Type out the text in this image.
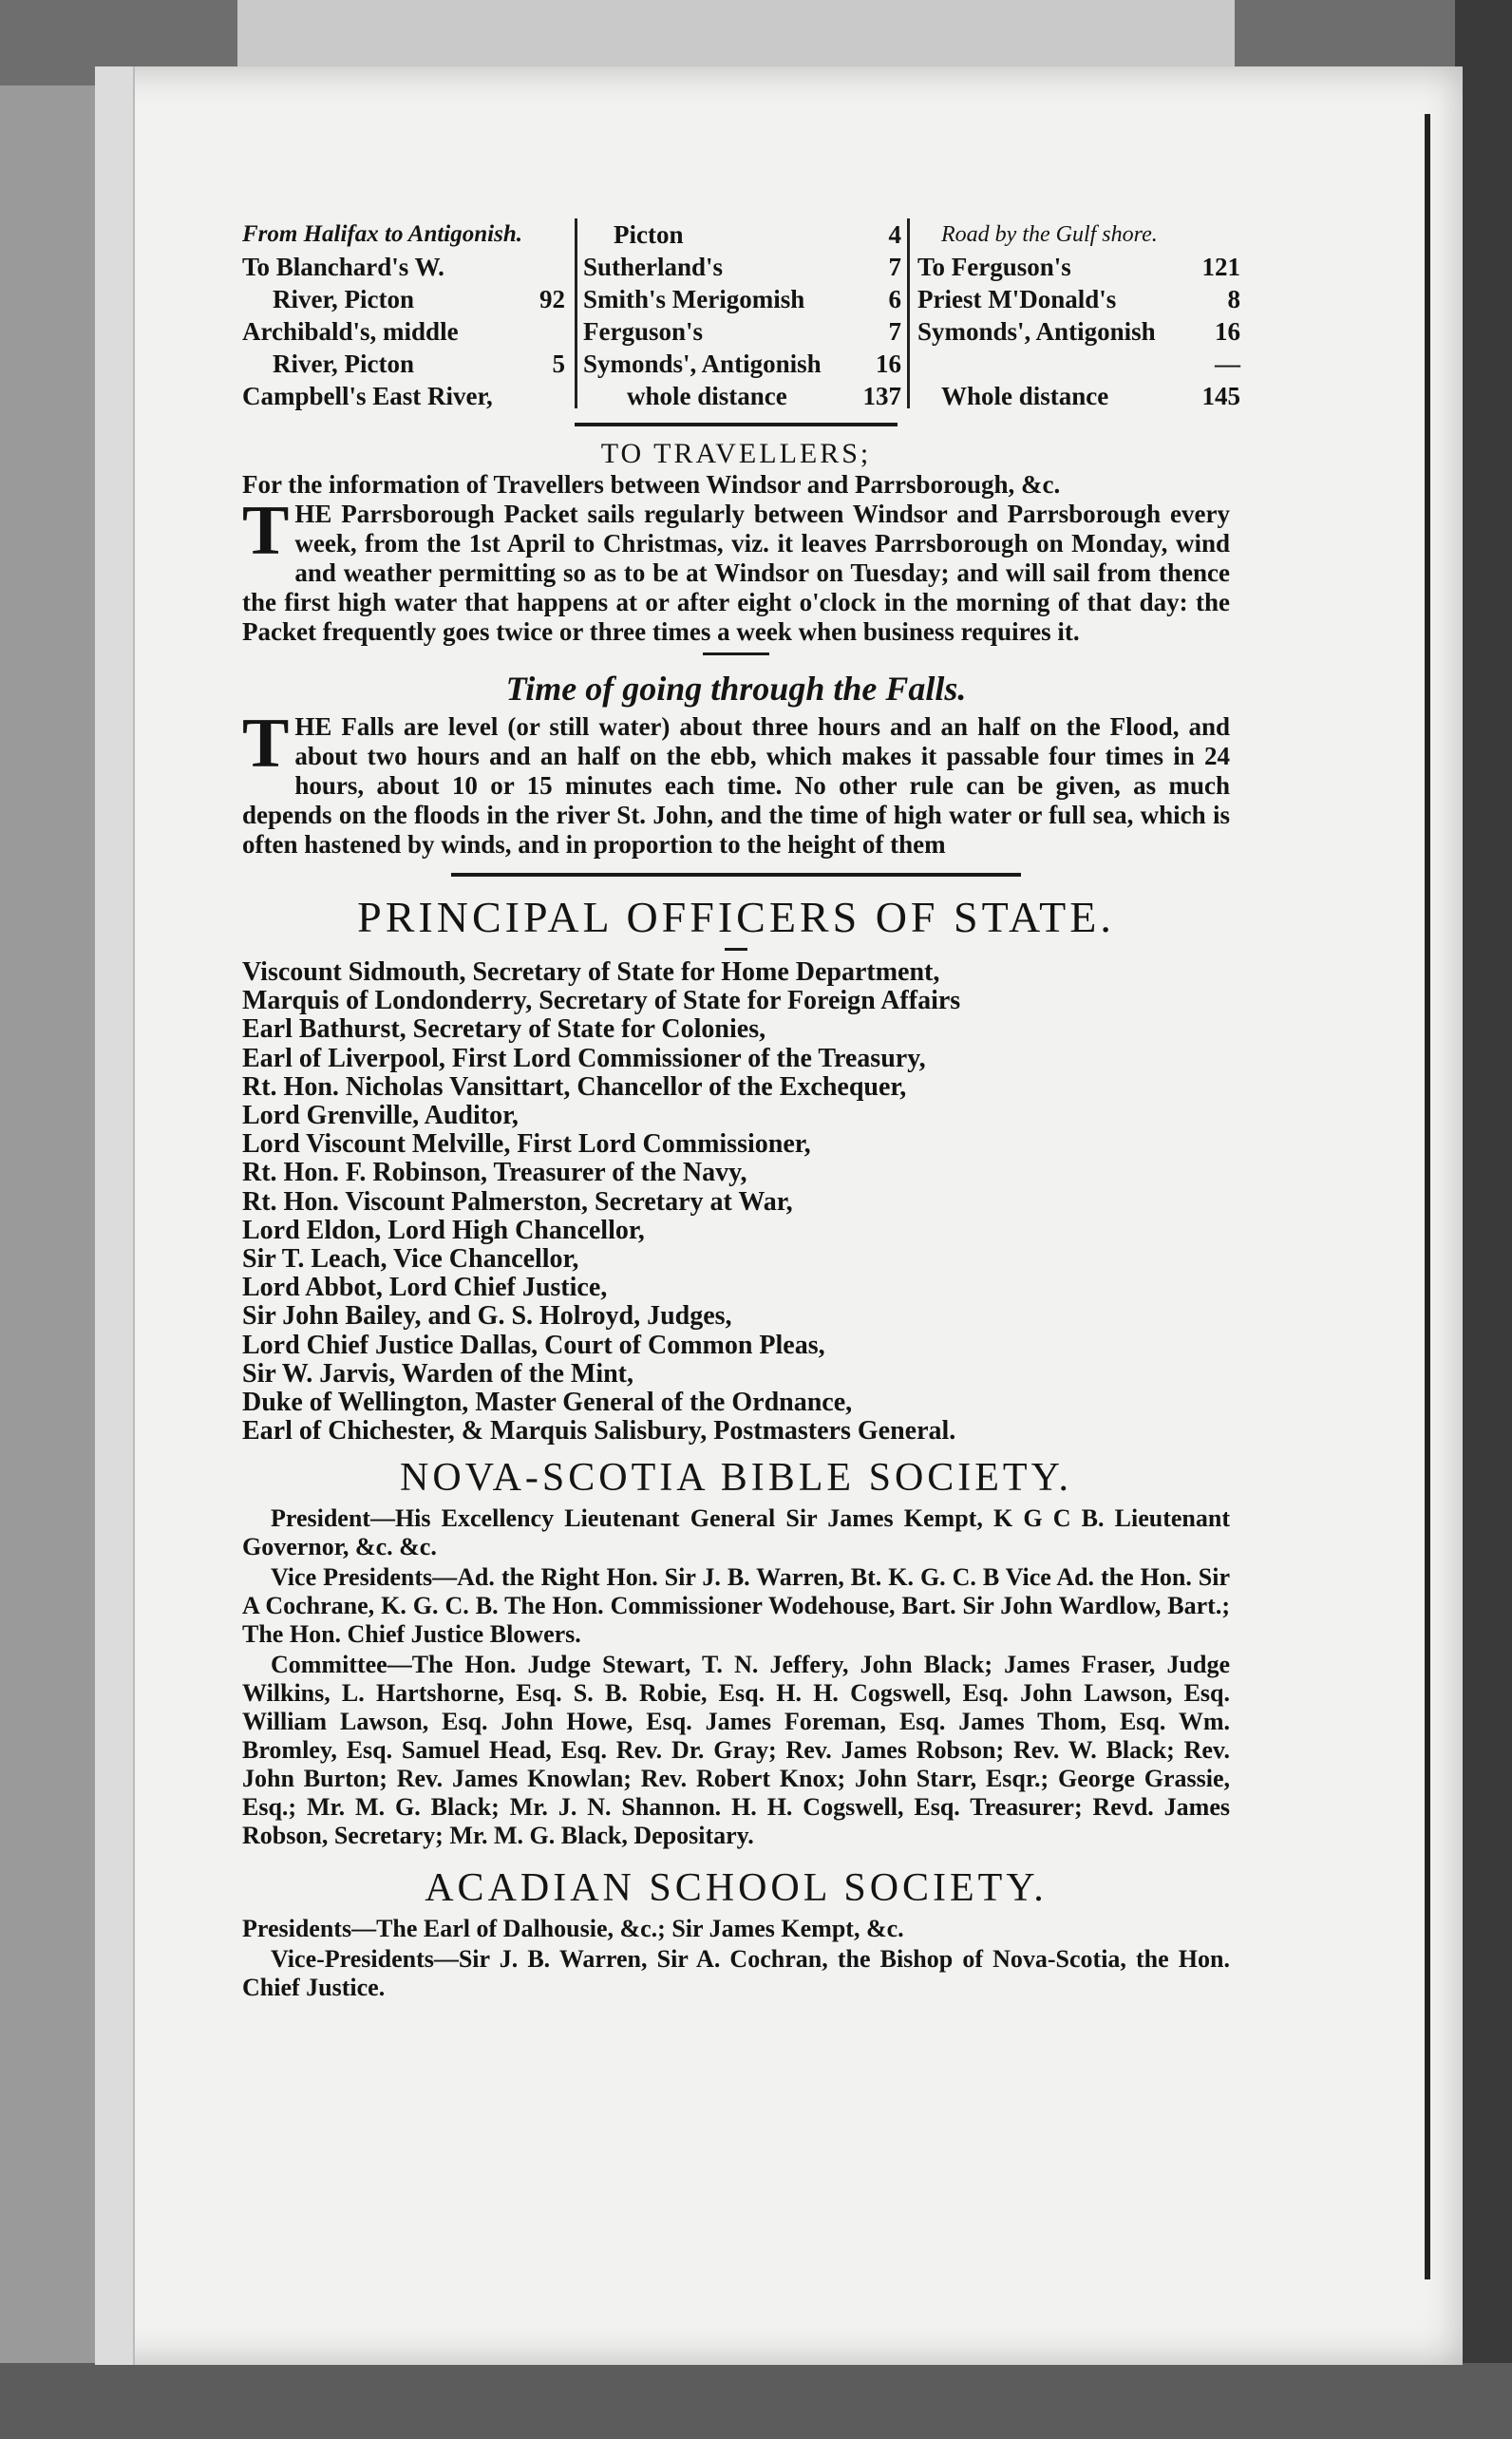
From Halifax to Antigonish.
To Blanchard's W.
River, Picton	92
Archibald's, middle
River, Picton	5
Campbell's East River,
Picton	4
Sutherland's	7
Smith's Merigomish	6
Ferguson's	7
Symonds', Antigonish 16
whole distance	137
Road by the Gulf shore.
To Ferguson's	121
Priest M'Donald's	8
Symonds', Antigonish 16
—
Whole distance	145
TO TRAVELLERS;

For the information of Travellers between Windsor and Parrsborough, &c.

THE Parrsborough Packet sails regularly between Windsor and Parrsborough every week, from the 1st April to Christmas, viz. it leaves Parrsborough on Monday, wind and weather permitting so as to be at Windsor on Tuesday; and will sail from thence the first high water that happens at or after eight o'clock in the morning of that day: the Packet frequently goes twice or three times a week when business requires it.

Time of going through the Falls.

THE Falls are level (or still water) about three hours and an half on the Flood, and about two hours and an half on the ebb, which makes it passable four times in 24 hours, about 10 or 15 minutes each time. No other rule can be given, as much depends on the floods in the river St. John, and the time of high water or full sea, which is often hastened by winds, and in proportion to the height of them

PRINCIPAL OFFICERS OF STATE.
Viscount Sidmouth, Secretary of State for Home Department,
Marquis of Londonderry, Secretary of State for Foreign Affairs
Earl Bathurst, Secretary of State for Colonies,
Earl of Liverpool, First Lord Commissioner of the Treasury,
Rt. Hon. Nicholas Vansittart, Chancellor of the Exchequer,
Lord Grenville, Auditor,
Lord Viscount Melville, First Lord Commissioner,
Rt. Hon. F. Robinson, Treasurer of the Navy,
Rt. Hon. Viscount Palmerston, Secretary at War,
Lord Eldon, Lord High Chancellor,
Sir T. Leach, Vice Chancellor,
Lord Abbot, Lord Chief Justice,
Sir John Bailey, and G. S. Holroyd, Judges,
Lord Chief Justice Dallas, Court of Common Pleas,
Sir W. Jarvis, Warden of the Mint,
Duke of Wellington, Master General of the Ordnance,
Earl of Chichester, & Marquis Salisbury, Postmasters General.
NOVA-SCOTIA BIBLE SOCIETY.

President—His Excellency Lieutenant General Sir James Kempt, K G C B. Lieutenant Governor, &c. &c.

Vice Presidents—Ad. the Right Hon. Sir J. B. Warren, Bt. K. G. C. B Vice Ad. the Hon. Sir A Cochrane, K. G. C. B. The Hon. Commissioner Wodehouse, Bart. Sir John Wardlow, Bart.; The Hon. Chief Justice Blowers.

Committee—The Hon. Judge Stewart, T. N. Jeffery, John Black; James Fraser, Judge Wilkins, L. Hartshorne, Esq. S. B. Robie, Esq. H. H. Cogswell, Esq. John Lawson, Esq. William Lawson, Esq. John Howe, Esq. James Foreman, Esq. James Thom, Esq. Wm. Bromley, Esq. Samuel Head, Esq. Rev. Dr. Gray; Rev. James Robson; Rev. W. Black; Rev. John Burton; Rev. James Knowlan; Rev. Robert Knox; John Starr, Esqr.; George Grassie, Esq.; Mr. M. G. Black; Mr. J. N. Shannon. H. H. Cogswell, Esq. Treasurer; Revd. James Robson, Secretary; Mr. M. G. Black, Depositary.

ACADIAN SCHOOL SOCIETY.

Presidents—The Earl of Dalhousie, &c.; Sir James Kempt, &c.

Vice-Presidents—Sir J. B. Warren, Sir A. Cochran, the Bishop of Nova-Scotia, the Hon. Chief Justice.
